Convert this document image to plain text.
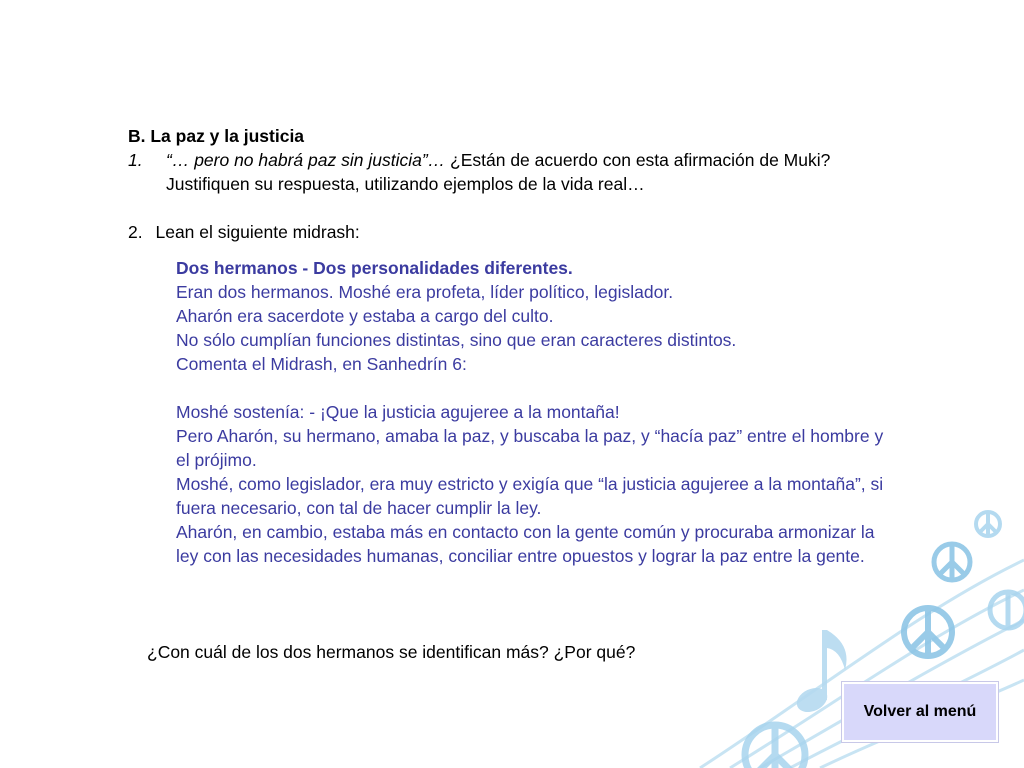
B. La paz y la justicia

1. “… pero no habrá paz sin justicia”… ¿Están de acuerdo con esta afirmación de Muki? Justifiquen su respuesta, utilizando ejemplos de la vida real…
2. Lean el siguiente midrash:

Dos hermanos - Dos personalidades diferentes.

Eran dos hermanos. Moshé era profeta, líder político, legislador.

Aharón era sacerdote y estaba a cargo del culto.

No sólo cumplían funciones distintas, sino que eran caracteres distintos.

Comenta el Midrash, en Sanhedrín 6:

Moshé sostenía: - ¡Que la justicia agujeree a la montaña!

Pero Aharón, su hermano, amaba la paz, y buscaba la paz, y “hacía paz” entre el hombre y el prójimo.

Moshé, como legislador, era muy estricto y exigía que “la justicia agujeree a la montaña”, si fuera necesario, con tal de hacer cumplir la ley.

Aharón, en cambio, estaba más en contacto con la gente común y procuraba armonizar la ley con las necesidades humanas, conciliar entre opuestos y lograr la paz entre la gente.

¿Con cuál de los dos hermanos se identifican más? ¿Por qué?
Volver al menú
